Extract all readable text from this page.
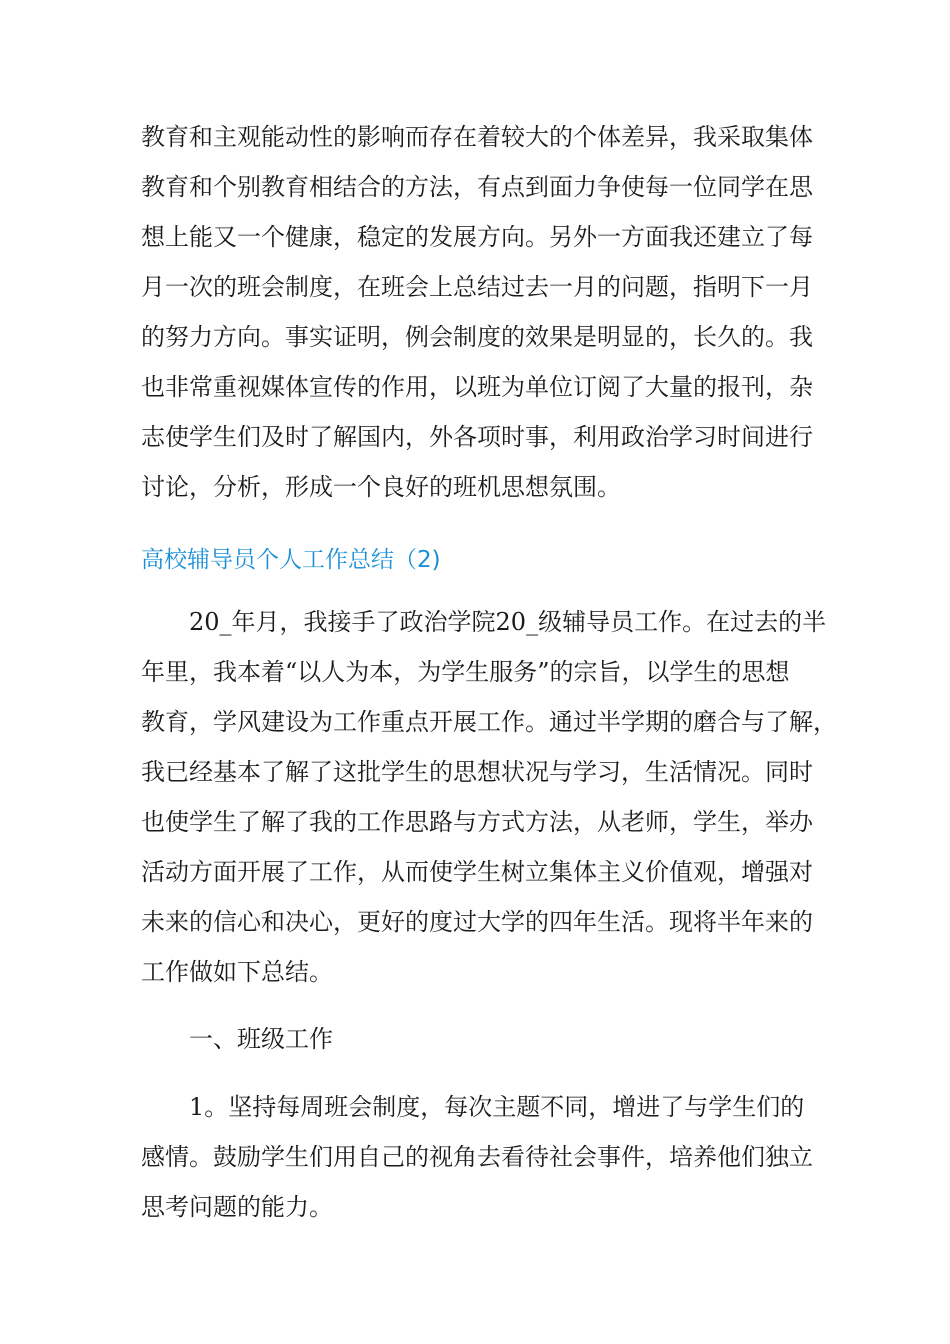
教育和主观能动性的影响而存在着较大的个体差异，我采取集体
教育和个别教育相结合的方法，有点到面力争使每一位同学在思
想上能又一个健康，稳定的发展方向。另外一方面我还建立了每
月一次的班会制度，在班会上总结过去一月的问题，指明下一月
的努力方向。事实证明，例会制度的效果是明显的，长久的。我
也非常重视媒体宣传的作用，以班为单位订阅了大量的报刊，杂
志使学生们及时了解国内，外各项时事，利用政治学习时间进行
讨论，分析，形成一个良好的班机思想氛围。
高校辅导员个人工作总结（2)
20_年月，我接手了政治学院20_级辅导员工作。在过去的半
年里，我本着“以人为本，为学生服务”的宗旨，以学生的思想
教育，学风建设为工作重点开展工作。通过半学期的磨合与了解，
我已经基本了解了这批学生的思想状况与学习，生活情况。同时
也使学生了解了我的工作思路与方式方法，从老师，学生，举办
活动方面开展了工作，从而使学生树立集体主义价值观，增强对
未来的信心和决心，更好的度过大学的四年生活。现将半年来的
工作做如下总结。
一、班级工作
1。坚持每周班会制度，每次主题不同，增进了与学生们的
感情。鼓励学生们用自己的视角去看待社会事件，培养他们独立
思考问题的能力。
